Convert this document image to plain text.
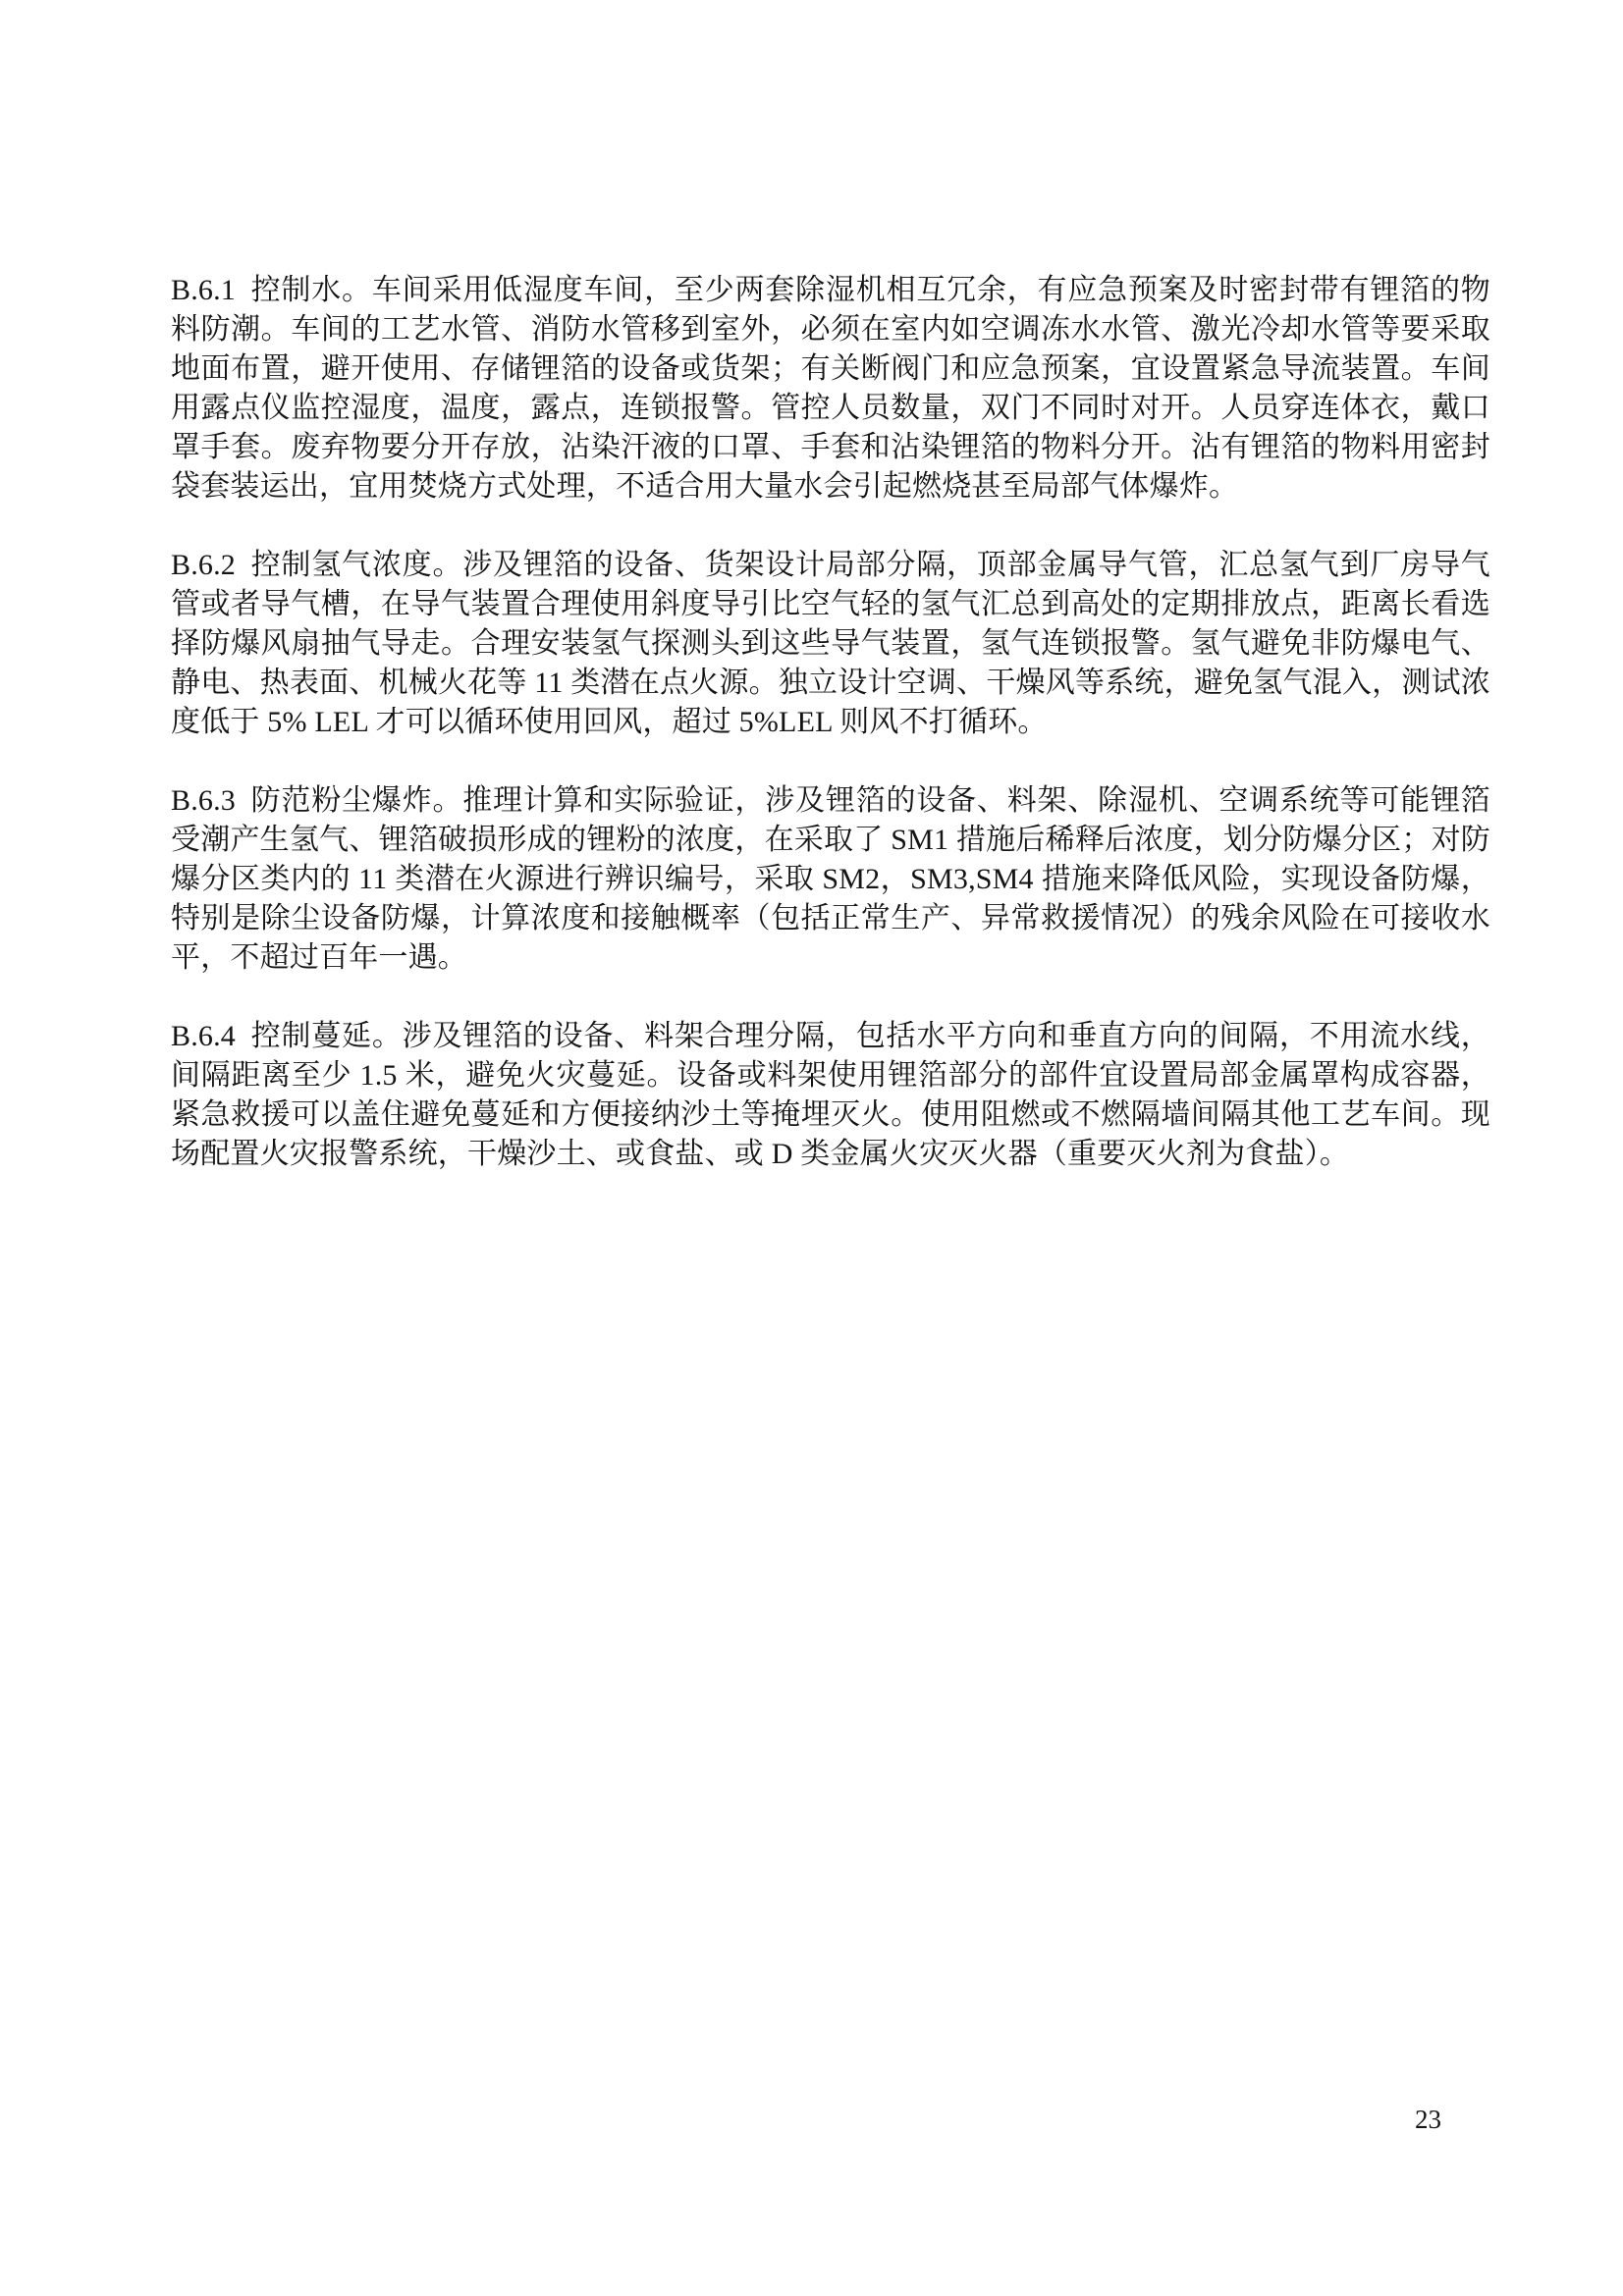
B.6.1 控制水。车间采用低湿度车间，至少两套除湿机相互冗余，有应急预案及时密封带有锂箔的物料防潮。车间的工艺水管、消防水管移到室外，必须在室内如空调冻水水管、激光冷却水管等要采取地面布置，避开使用、存储锂箔的设备或货架；有关断阀门和应急预案，宜设置紧急导流装置。车间用露点仪监控湿度，温度，露点，连锁报警。管控人员数量，双门不同时对开。人员穿连体衣，戴口罩手套。废弃物要分开存放，沾染汗液的口罩、手套和沾染锂箔的物料分开。沾有锂箔的物料用密封袋套装运出，宜用焚烧方式处理，不适合用大量水会引起燃烧甚至局部气体爆炸。

B.6.2 控制氢气浓度。涉及锂箔的设备、货架设计局部分隔，顶部金属导气管，汇总氢气到厂房导气管或者导气槽，在导气装置合理使用斜度导引比空气轻的氢气汇总到高处的定期排放点，距离长看选择防爆风扇抽气导走。合理安装氢气探测头到这些导气装置，氢气连锁报警。氢气避免非防爆电气、静电、热表面、机械火花等 11 类潜在点火源。独立设计空调、干燥风等系统，避免氢气混入，测试浓度低于 5% LEL 才可以循环使用回风，超过 5%LEL 则风不打循环。

B.6.3 防范粉尘爆炸。推理计算和实际验证，涉及锂箔的设备、料架、除湿机、空调系统等可能锂箔受潮产生氢气、锂箔破损形成的锂粉的浓度，在采取了 SM1 措施后稀释后浓度，划分防爆分区；对防爆分区类内的 11 类潜在火源进行辨识编号，采取 SM2，SM3,SM4 措施来降低风险，实现设备防爆，特别是除尘设备防爆，计算浓度和接触概率（包括正常生产、异常救援情况）的残余风险在可接收水平，不超过百年一遇。

B.6.4 控制蔓延。涉及锂箔的设备、料架合理分隔，包括水平方向和垂直方向的间隔，不用流水线，间隔距离至少 1.5 米，避免火灾蔓延。设备或料架使用锂箔部分的部件宜设置局部金属罩构成容器，紧急救援可以盖住避免蔓延和方便接纳沙土等掩埋灭火。使用阻燃或不燃隔墙间隔其他工艺车间。现场配置火灾报警系统，干燥沙土、或食盐、或 D 类金属火灾灭火器（重要灭火剂为食盐）。

23
